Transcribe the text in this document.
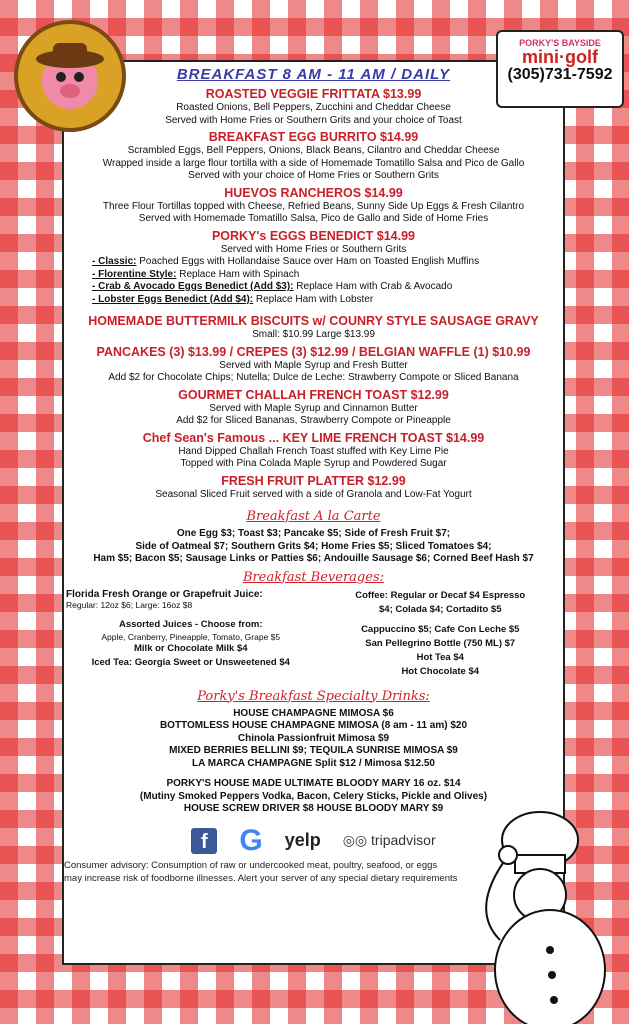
PORKY'S BAYSIDE
mini·golf
(305)731-7592
BREAKFAST 8 AM - 11 AM / DAILY
ROASTED VEGGIE FRITTATA $13.99
Roasted Onions, Bell Peppers, Zucchini and Cheddar Cheese
Served with Home Fries or Southern Grits and your choice of Toast
BREAKFAST EGG BURRITO $14.99
Scrambled Eggs, Bell Peppers, Onions, Black Beans, Cilantro and Cheddar Cheese
Wrapped inside a large flour tortilla with a side of Homemade Tomatillo Salsa and Pico de Gallo
Served with your choice of Home Fries or Southern Grits
HUEVOS RANCHEROS $14.99
Three Flour Tortillas topped with Cheese, Refried Beans, Sunny Side Up Eggs & Fresh Cilantro
Served with Homemade Tomatillo Salsa, Pico de Gallo and Side of Home Fries
PORKY's EGGS BENEDICT $14.99
Served with Home Fries or Southern Grits
- Classic: Poached Eggs with Hollandaise Sauce over Ham on Toasted English Muffins
- Florentine Style: Replace Ham with Spinach
- Crab & Avocado Eggs Benedict (Add $3): Replace Ham with Crab & Avocado
- Lobster Eggs Benedict (Add $4): Replace Ham with Lobster
HOMEMADE BUTTERMILK BISCUITS w/ COUNRY STYLE SAUSAGE GRAVY
Small: $10.99 Large $13.99
PANCAKES (3) $13.99 / CREPES (3) $12.99 / BELGIAN WAFFLE (1) $10.99
Served with Maple Syrup and Fresh Butter
Add $2 for Chocolate Chips; Nutella; Dulce de Leche: Strawberry Compote or Sliced Banana
GOURMET CHALLAH FRENCH TOAST $12.99
Served with Maple Syrup and Cinnamon Butter
Add $2 for Sliced Bananas, Strawberry Compote or Pineapple
Chef Sean's Famous ... KEY LIME FRENCH TOAST $14.99
Hand Dipped Challah French Toast stuffed with Key Lime Pie
Topped with Pina Colada Maple Syrup and Powdered Sugar
FRESH FRUIT PLATTER $12.99
Seasonal Sliced Fruit served with a side of Granola and Low-Fat Yogurt
Breakfast A la Carte
One Egg $3; Toast $3; Pancake $5; Side of Fresh Fruit $7;
Side of Oatmeal $7; Southern Grits $4; Home Fries $5; Sliced Tomatoes $4;
Ham $5; Bacon $5; Sausage Links or Patties $6; Andouille Sausage $6; Corned Beef Hash $7
Breakfast Beverages:
Florida Fresh Orange or Grapefruit Juice:
Regular: 12oz $6; Large: 16oz $8
Assorted Juices - Choose from:
Apple, Cranberry, Pineapple, Tomato, Grape $5
Milk or Chocolate Milk $4
Iced Tea: Georgia Sweet or Unsweetened $4
Coffee: Regular or Decaf $4 Espresso
$4; Colada $4; Cortadito $5
Cappuccino $5; Cafe Con Leche $5
San Pellegrino Bottle (750 ML) $7
Hot Tea $4
Hot Chocolate $4
Porky's Breakfast Specialty Drinks:
HOUSE CHAMPAGNE MIMOSA $6
BOTTOMLESS HOUSE CHAMPAGNE MIMOSA (8 am - 11 am) $20
Chinola Passionfruit Mimosa $9
MIXED BERRIES BELLINI $9; TEQUILA SUNRISE MIMOSA $9
LA MARCA CHAMPAGNE Split $12 / Mimosa $12.50
PORKY'S HOUSE MADE ULTIMATE BLOODY MARY 16 oz. $14
(Mutiny Smoked Peppers Vodka, Bacon, Celery Sticks, Pickle and Olives)
HOUSE SCREW DRIVER $8 HOUSE BLOODY MARY $9
f	G yelp ◎◎ tripadvisor
Consumer advisory: Consumption of raw or undercooked meat, poultry, seafood, or eggs
may increase risk of foodborne illnesses. Alert your server of any special dietary requirements
